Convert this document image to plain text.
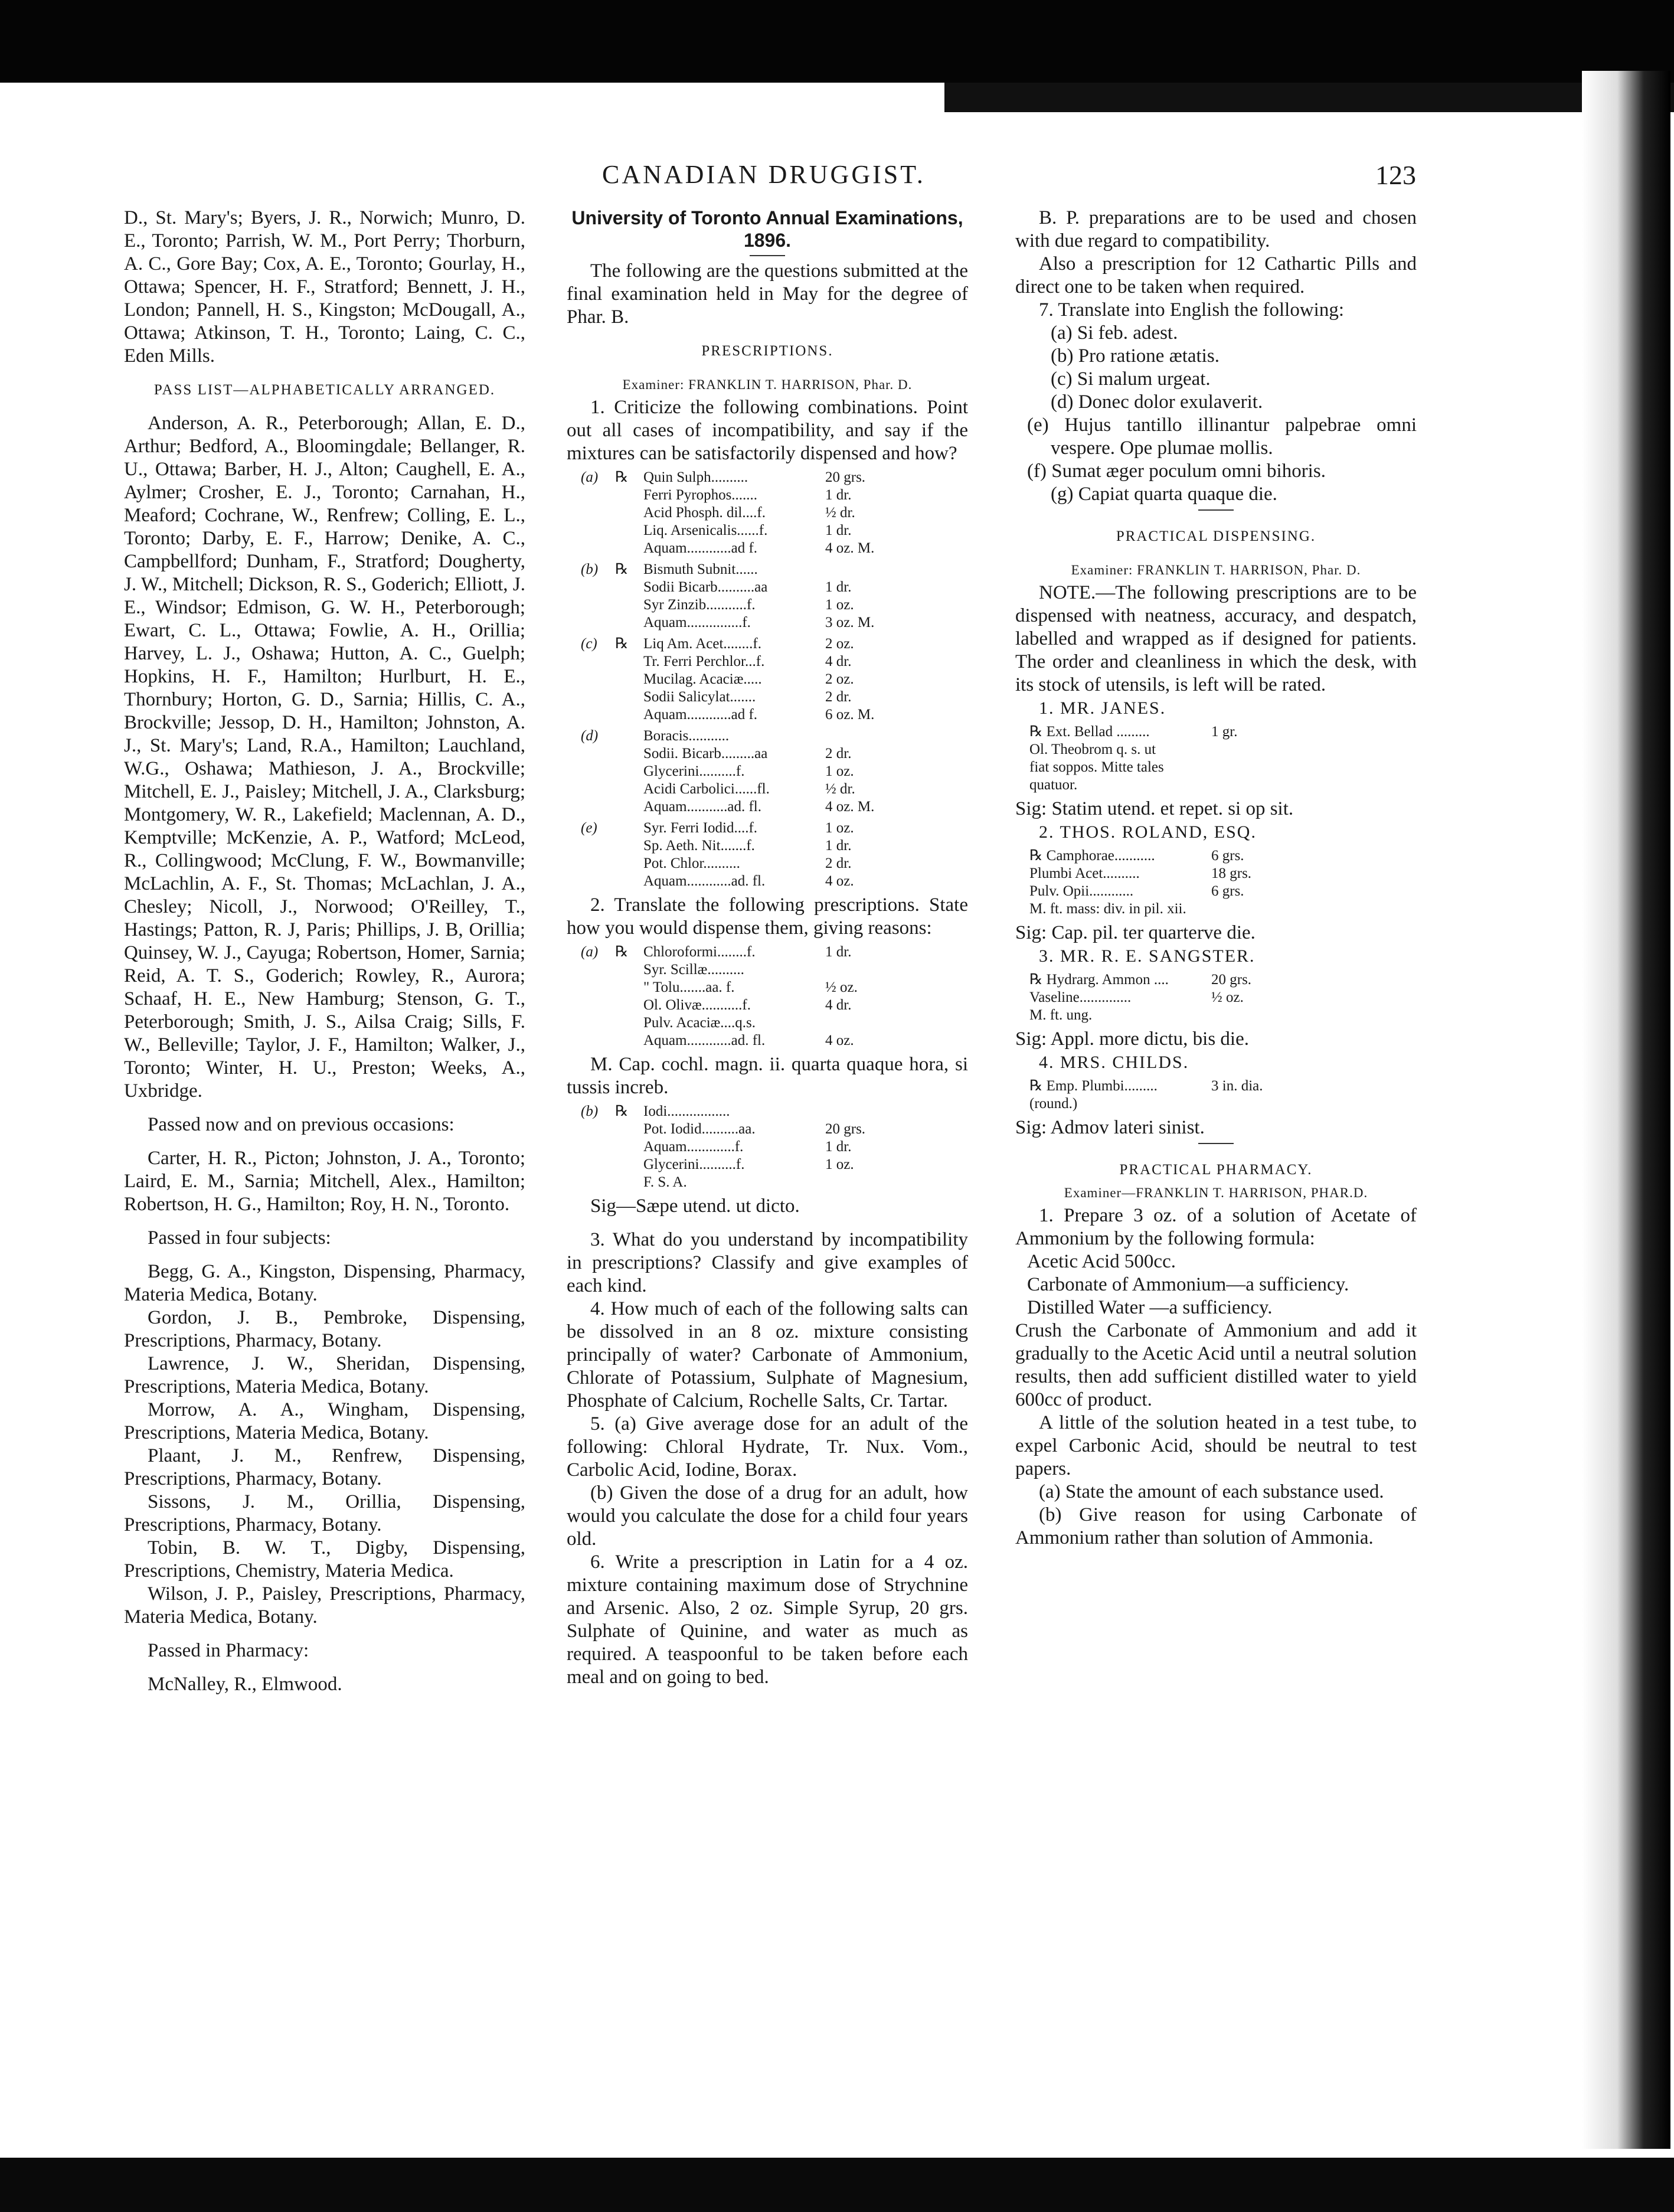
CANADIAN DRUGGIST.	123

D., St. Mary's; Byers, J. R., Norwich; Munro, D. E., Toronto; Parrish, W. M., Port Perry; Thorburn, A. C., Gore Bay; Cox, A. E., Toronto; Gourlay, H., Ottawa; Spencer, H. F., Stratford; Bennett, J. H., London; Pannell, H. S., Kingston; McDougall, A., Ottawa; Atkinson, T. H., Toronto; Laing, C. C., Eden Mills.

PASS LIST—ALPHABETICALLY ARRANGED.

Anderson, A. R., Peterborough; Allan, E. D., Arthur; Bedford, A., Bloomingdale; Bellanger, R. U., Ottawa; Barber, H. J., Alton; Caughell, E. A., Aylmer; Crosher, E. J., Toronto; Carnahan, H., Meaford; Cochrane, W., Renfrew; Colling, E. L., Toronto; Darby, E. F., Harrow; Denike, A. C., Campbellford; Dunham, F., Stratford; Dougherty, J. W., Mitchell; Dickson, R. S., Goderich; Elliott, J. E., Windsor; Edmison, G. W. H., Peterborough; Ewart, C. L., Ottawa; Fowlie, A. H., Orillia; Harvey, L. J., Oshawa; Hutton, A. C., Guelph; Hopkins, H. F., Hamilton; Hurlburt, H. E., Thornbury; Horton, G. D., Sarnia; Hillis, C. A., Brockville; Jessop, D. H., Hamilton; Johnston, A. J., St. Mary's; Land, R.A., Hamilton; Lauchland, W.G., Oshawa; Mathieson, J. A., Brockville; Mitchell, E. J., Paisley; Mitchell, J. A., Clarksburg; Montgomery, W. R., Lakefield; Maclennan, A. D., Kemptville; McKenzie, A. P., Watford; McLeod, R., Collingwood; McClung, F. W., Bowmanville; McLachlin, A. F., St. Thomas; McLachlan, J. A., Chesley; Nicoll, J., Norwood; O'Reilley, T., Hastings; Patton, R. J, Paris; Phillips, J. B, Orillia; Quinsey, W. J., Cayuga; Robertson, Homer, Sarnia; Reid, A. T. S., Goderich; Rowley, R., Aurora; Schaaf, H. E., New Hamburg; Stenson, G. T., Peterborough; Smith, J. S., Ailsa Craig; Sills, F. W., Belleville; Taylor, J. F., Hamilton; Walker, J., Toronto; Winter, H. U., Preston; Weeks, A., Uxbridge.

Passed now and on previous occasions:

Carter, H. R., Picton; Johnston, J. A., Toronto; Laird, E. M., Sarnia; Mitchell, Alex., Hamilton; Robertson, H. G., Hamilton; Roy, H. N., Toronto.

Passed in four subjects:

Begg, G. A., Kingston, Dispensing, Pharmacy, Materia Medica, Botany.

Gordon, J. B., Pembroke, Dispensing, Prescriptions, Pharmacy, Botany.

Lawrence, J. W., Sheridan, Dispensing, Prescriptions, Materia Medica, Botany.

Morrow, A. A., Wingham, Dispensing, Prescriptions, Materia Medica, Botany.

Plaant, J. M., Renfrew, Dispensing, Prescriptions, Pharmacy, Botany.

Sissons, J. M., Orillia, Dispensing, Prescriptions, Pharmacy, Botany.

Tobin, B. W. T., Digby, Dispensing, Prescriptions, Chemistry, Materia Medica.

Wilson, J. P., Paisley, Prescriptions, Pharmacy, Materia Medica, Botany.

Passed in Pharmacy:

McNalley, R., Elmwood.

University of Toronto Annual Examinations, 1896.

The following are the questions submitted at the final examination held in May for the degree of Phar. B.

PRESCRIPTIONS.

Examiner: FRANKLIN T. HARRISON, Phar. D.

1. Criticize the following combinations. Point out all cases of incompatibility, and say if the mixtures can be satisfactorily dispensed and how?

(a)	℞	Quin Sulph..........	20 grs.
		Ferri Pyrophos.......	1 dr.
		Acid Phosph. dil....f.	½ dr.
		Liq. Arsenicalis......f.	1 dr.
		Aquam............ad f.	4 oz. M.
(b)	℞	Bismuth Subnit......	
		Sodii Bicarb..........aa	1 dr.
		Syr Zinzib...........f.	1 oz.
		Aquam...............f.	3 oz. M.
(c)	℞	Liq Am. Acet........f.	2 oz.
		Tr. Ferri Perchlor...f.	4 dr.
		Mucilag. Acaciæ.....	2 oz.
		Sodii Salicylat.......	2 dr.
		Aquam............ad f.	6 oz. M.
(d)		Boracis...........	
		Sodii. Bicarb.........aa	2 dr.
		Glycerini..........f.	1 oz.
		Acidi Carbolici......fl.	½ dr.
		Aquam...........ad. fl.	4 oz. M.
(e)		Syr. Ferri Iodid....f.	1 oz.
		Sp. Aeth. Nit.......f.	1 dr.
		Pot. Chlor..........	2 dr.
		Aquam............ad. fl.	4 oz.

2. Translate the following prescriptions. State how you would dispense them, giving reasons:

(a)	℞	Chloroformi........f.	1 dr.
		Syr. Scillæ..........	
		" Tolu.......aa. f.	½ oz.
		Ol. Olivæ...........f.	4 dr.
		Pulv. Acaciæ....q.s.	
		Aquam............ad. fl.	4 oz.

M. Cap. cochl. magn. ii. quarta quaque hora, si tussis increb.

(b)	℞	Iodi.................	
		Pot. Iodid..........aa.	20 grs.
		Aquam.............f.	1 dr.
		Glycerini..........f.	1 oz.
		F. S. A.	

Sig—Sæpe utend. ut dicto.

3. What do you understand by incompatibility in prescriptions? Classify and give examples of each kind.

4. How much of each of the following salts can be dissolved in an 8 oz. mixture consisting principally of water? Carbonate of Ammonium, Chlorate of Potassium, Sulphate of Magnesium, Phosphate of Calcium, Rochelle Salts, Cr. Tartar.

5. (a) Give average dose for an adult of the following: Chloral Hydrate, Tr. Nux. Vom., Carbolic Acid, Iodine, Borax.

(b) Given the dose of a drug for an adult, how would you calculate the dose for a child four years old.

6. Write a prescription in Latin for a 4 oz. mixture containing maximum dose of Strychnine and Arsenic. Also, 2 oz. Simple Syrup, 20 grs. Sulphate of Quinine, and water as much as required. A teaspoonful to be taken before each meal and on going to bed.

B. P. preparations are to be used and chosen with due regard to compatibility.

Also a prescription for 12 Cathartic Pills and direct one to be taken when required.

7. Translate into English the following:

(a) Si feb. adest.

(b) Pro ratione ætatis.

(c) Si malum urgeat.

(d) Donec dolor exulaverit.

(e) Hujus tantillo illinantur palpebrae omni vespere. Ope plumae mollis.

(f) Sumat æger poculum omni bihoris.

(g) Capiat quarta quaque die.

PRACTICAL DISPENSING.

Examiner: FRANKLIN T. HARRISON, Phar. D.

NOTE.—The following prescriptions are to be dispensed with neatness, accuracy, and despatch, labelled and wrapped as if designed for patients. The order and cleanliness in which the desk, with its stock of utensils, is left will be rated.

1. MR. JANES.

℞ Ext. Bellad .........	1 gr.
Ol. Theobrom q. s. ut	
fiat soppos. Mitte tales	
quatuor.	

Sig: Statim utend. et repet. si op sit.

2. THOS. ROLAND, ESQ.

℞ Camphorae...........	6 grs.
Plumbi Acet..........	18 grs.
Pulv. Opii............	6 grs.
M. ft. mass: div. in pil. xii.	

Sig: Cap. pil. ter quarterve die.

3. MR. R. E. SANGSTER.

℞ Hydrarg. Ammon ....	20 grs.
Vaseline..............	½ oz.
M. ft. ung.	

Sig: Appl. more dictu, bis die.

4. MRS. CHILDS.

℞ Emp. Plumbi.........	3 in. dia.
(round.)	

Sig: Admov lateri sinist.

PRACTICAL PHARMACY.

Examiner—FRANKLIN T. HARRISON, PHAR.D.

1. Prepare 3 oz. of a solution of Acetate of Ammonium by the following formula:

Acetic Acid 500cc.

Carbonate of Ammonium—a sufficiency.

Distilled Water —a sufficiency.

Crush the Carbonate of Ammonium and add it gradually to the Acetic Acid until a neutral solution results, then add sufficient distilled water to yield 600cc of product.

A little of the solution heated in a test tube, to expel Carbonic Acid, should be neutral to test papers.

(a) State the amount of each substance used.

(b) Give reason for using Carbonate of Ammonium rather than solution of Ammonia.
